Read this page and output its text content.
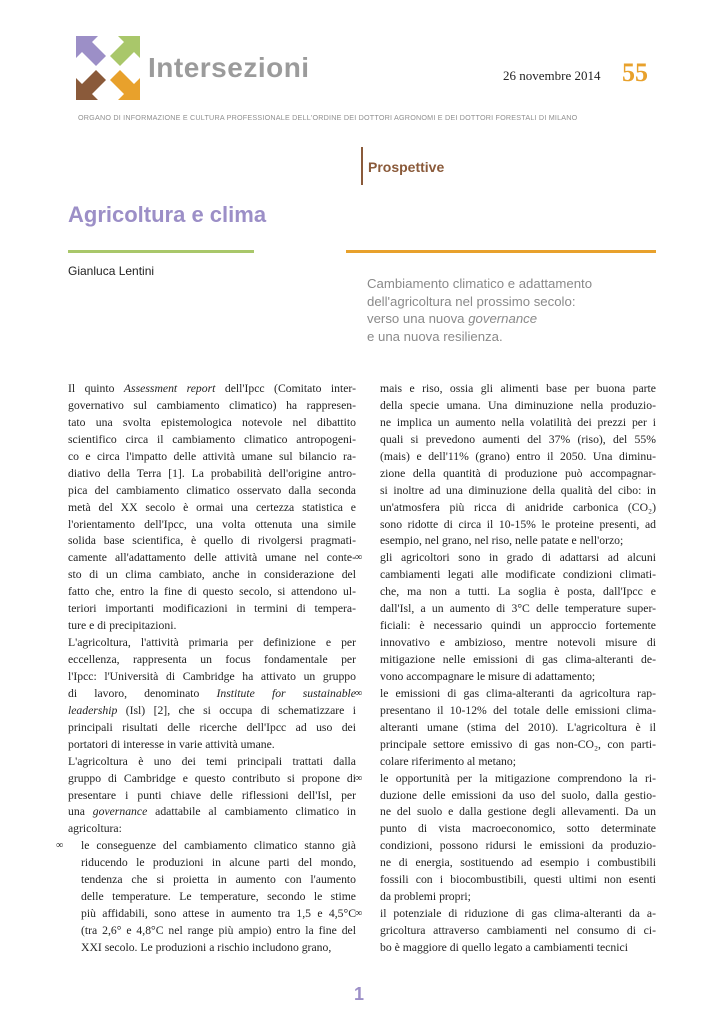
Intersezioni	26 novembre 2014 55
ORGANO DI INFORMAZIONE E CULTURA PROFESSIONALE DELL'ORDINE DEI DOTTORI AGRONOMI E DEI DOTTORI FORESTALI DI MILANO
Prospettive
Agricoltura e clima
Gianluca Lentini
Cambiamento climatico e adattamento
dell'agricoltura nel prossimo secolo:
verso una nuova governance
e una nuova resilienza.
Il quinto Assessment report dell'Ipcc (Comitato inter-
governativo sul cambiamento climatico) ha rappresen-
tato una svolta epistemologica notevole nel dibattito
scientifico circa il cambiamento climatico antropogeni-
co e circa l'impatto delle attività umane sul bilancio ra-
diativo della Terra [1]. La probabilità dell'origine antro-
pica del cambiamento climatico osservato dalla seconda
metà del XX secolo è ormai una certezza statistica e
l'orientamento dell'Ipcc, una volta ottenuta una simile
solida base scientifica, è quello di rivolgersi pragmati-
camente all'adattamento delle attività umane nel conte-
sto di un clima cambiato, anche in considerazione del
fatto che, entro la fine di questo secolo, si attendono ul-
teriori importanti modificazioni in termini di tempera-
ture e di precipitazioni.
L'agricoltura, l'attività primaria per definizione e per
eccellenza, rappresenta un focus fondamentale per
l'Ipcc: l'Università di Cambridge ha attivato un gruppo
di lavoro, denominato Institute for sustainable
leadership (Isl) [2], che si occupa di schematizzare i
principali risultati delle ricerche dell'Ipcc ad uso dei
portatori di interesse in varie attività umane.
L'agricoltura è uno dei temi principali trattati dalla
gruppo di Cambridge e questo contributo si propone di
presentare i punti chiave delle riflessioni dell'Isl, per
una governance adattabile al cambiamento climatico in
agricoltura:
∞ le conseguenze del cambiamento climatico stanno già
riducendo le produzioni in alcune parti del mondo,
tendenza che si proietta in aumento con l'aumento
delle temperature. Le temperature, secondo le stime
più affidabili, sono attese in aumento tra 1,5 e 4,5°C
(tra 2,6° e 4,8°C nel range più ampio) entro la fine del
XXI secolo. Le produzioni a rischio includono grano,
mais e riso, ossia gli alimenti base per buona parte
della specie umana. Una diminuzione nella produzio-
ne implica un aumento nella volatilità dei prezzi per i
quali si prevedono aumenti del 37% (riso), del 55%
(mais) e dell'11% (grano) entro il 2050. Una diminu-
zione della quantità di produzione può accompagnar-
si inoltre ad una diminuzione della qualità del cibo: in
un'atmosfera più ricca di anidride carbonica (CO₂)
sono ridotte di circa il 10-15% le proteine presenti, ad
esempio, nel grano, nel riso, nelle patate e nell'orzo;
∞ gli agricoltori sono in grado di adattarsi ad alcuni
cambiamenti legati alle modificate condizioni climati-
che, ma non a tutti. La soglia è posta, dall'Ipcc e
dall'Isl, a un aumento di 3°C delle temperature super-
ficiali: è necessario quindi un approccio fortemente
innovativo e ambizioso, mentre notevoli misure di
mitigazione nelle emissioni di gas clima-alteranti de-
vono accompagnare le misure di adattamento;
∞ le emissioni di gas clima-alteranti da agricoltura rap-
presentano il 10-12% del totale delle emissioni clima-
alteranti umane (stima del 2010). L'agricoltura è il
principale settore emissivo di gas non-CO₂, con parti-
colare riferimento al metano;
∞ le opportunità per la mitigazione comprendono la ri-
duzione delle emissioni da uso del suolo, dalla gestio-
ne del suolo e dalla gestione degli allevamenti. Da un
punto di vista macroeconomico, sotto determinate
condizioni, possono ridursi le emissioni da produzio-
ne di energia, sostituendo ad esempio i combustibili
fossili con i biocombustibili, questi ultimi non esenti
da problemi propri;
∞ il potenziale di riduzione di gas clima-alteranti da a-
gricoltura attraverso cambiamenti nel consumo di ci-
bo è maggiore di quello legato a cambiamenti tecnici
1
